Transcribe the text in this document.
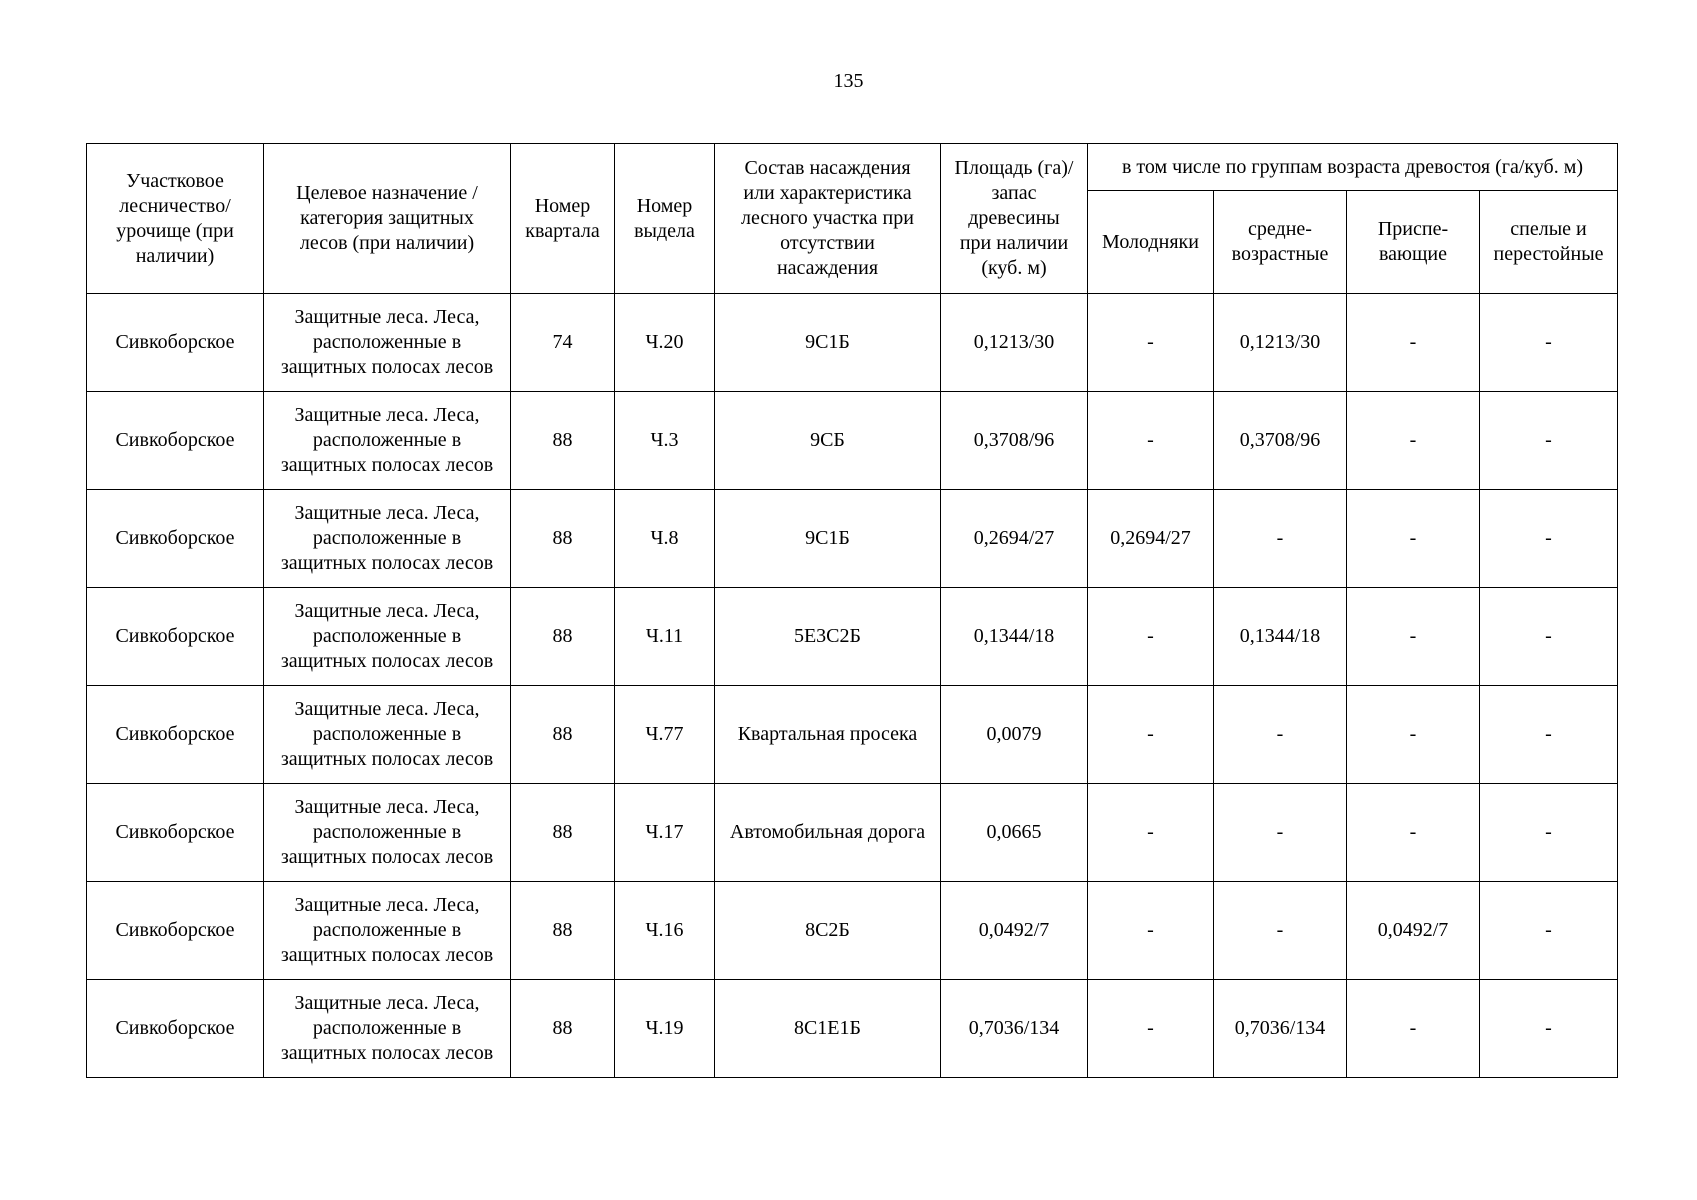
135
Участковое
лесничество/
урочище (при
наличии)	Целевое назначение /
категория защитных
лесов (при наличии)	Номер
квартала	Номер
выдела	Состав насаждения
или характеристика
лесного участка при
отсутствии
насаждения	Площадь (га)/
запас
древесины
при наличии
(куб. м)	в том числе по группам возраста древостоя (га/куб. м)			
						Молодняки	средне-
возрастные	Приспе-
вающие	спелые и
перестойные
Сивкоборское	Защитные леса. Леса,
расположенные в
защитных полосах лесов	74	Ч.20	9С1Б	0,1213/30	-	0,1213/30	-	-
Сивкоборское	Защитные леса. Леса,
расположенные в
защитных полосах лесов	88	Ч.3	9СБ	0,3708/96	-	0,3708/96	-	-
Сивкоборское	Защитные леса. Леса,
расположенные в
защитных полосах лесов	88	Ч.8	9С1Б	0,2694/27	0,2694/27	-	-	-
Сивкоборское	Защитные леса. Леса,
расположенные в
защитных полосах лесов	88	Ч.11	5Е3С2Б	0,1344/18	-	0,1344/18	-	-
Сивкоборское	Защитные леса. Леса,
расположенные в
защитных полосах лесов	88	Ч.77	Квартальная просека	0,0079	-	-	-	-
Сивкоборское	Защитные леса. Леса,
расположенные в
защитных полосах лесов	88	Ч.17	Автомобильная дорога	0,0665	-	-	-	-
Сивкоборское	Защитные леса. Леса,
расположенные в
защитных полосах лесов	88	Ч.16	8С2Б	0,0492/7	-	-	0,0492/7	-
Сивкоборское	Защитные леса. Леса,
расположенные в
защитных полосах лесов	88	Ч.19	8С1Е1Б	0,7036/134	-	0,7036/134	-	-
